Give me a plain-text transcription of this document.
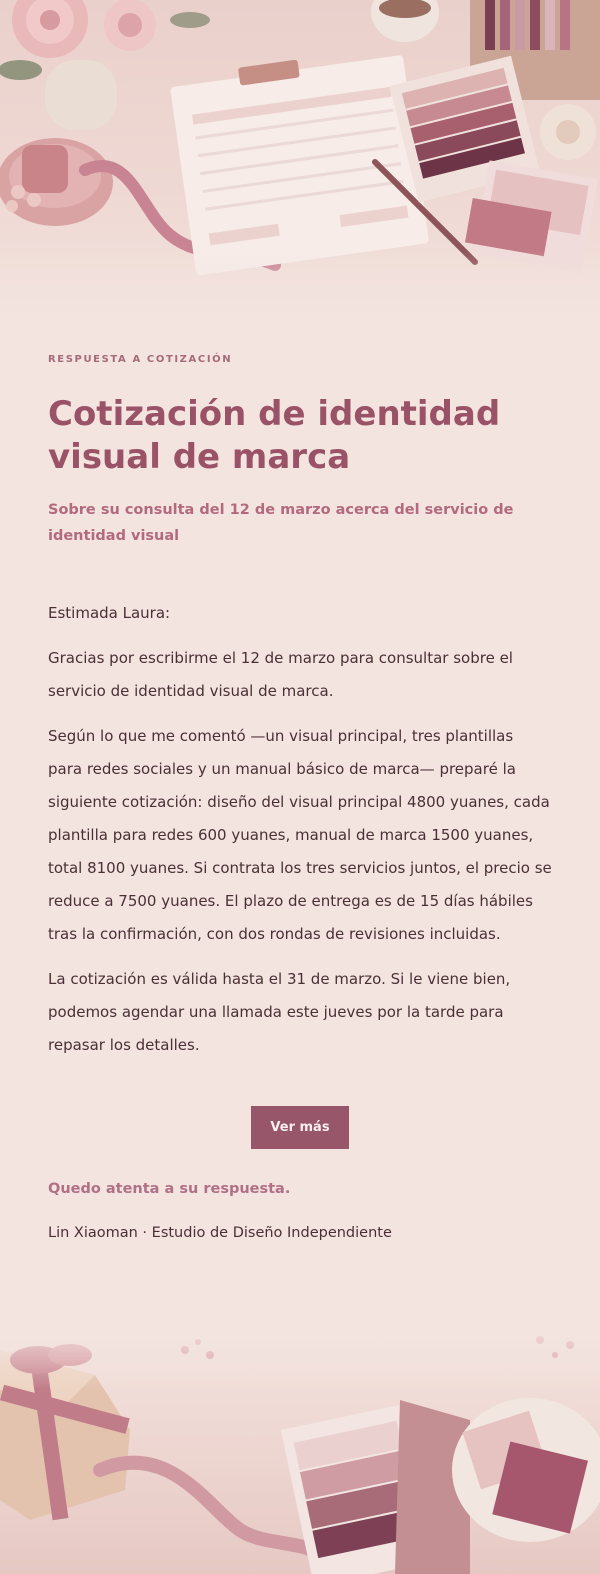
RESPUESTA A COTIZACIÓN
Cotización de identidad visual de marca
Sobre su consulta del 12 de marzo acerca del servicio de identidad visual

Estimada Laura:

Gracias por escribirme el 12 de marzo para consultar sobre el servicio de identidad visual de marca.

Según lo que me comentó —un visual principal, tres plantillas para redes sociales y un manual básico de marca— preparé la siguiente cotización: diseño del visual principal 4800 yuanes, cada plantilla para redes 600 yuanes, manual de marca 1500 yuanes, total 8100 yuanes. Si contrata los tres servicios juntos, el precio se reduce a 7500 yuanes. El plazo de entrega es de 15 días hábiles tras la confirmación, con dos rondas de revisiones incluidas.

La cotización es válida hasta el 31 de marzo. Si le viene bien, podemos agendar una llamada este jueves por la tarde para repasar los detalles.

Ver más

Quedo atenta a su respuesta.

Lin Xiaoman · Estudio de Diseño Independiente
